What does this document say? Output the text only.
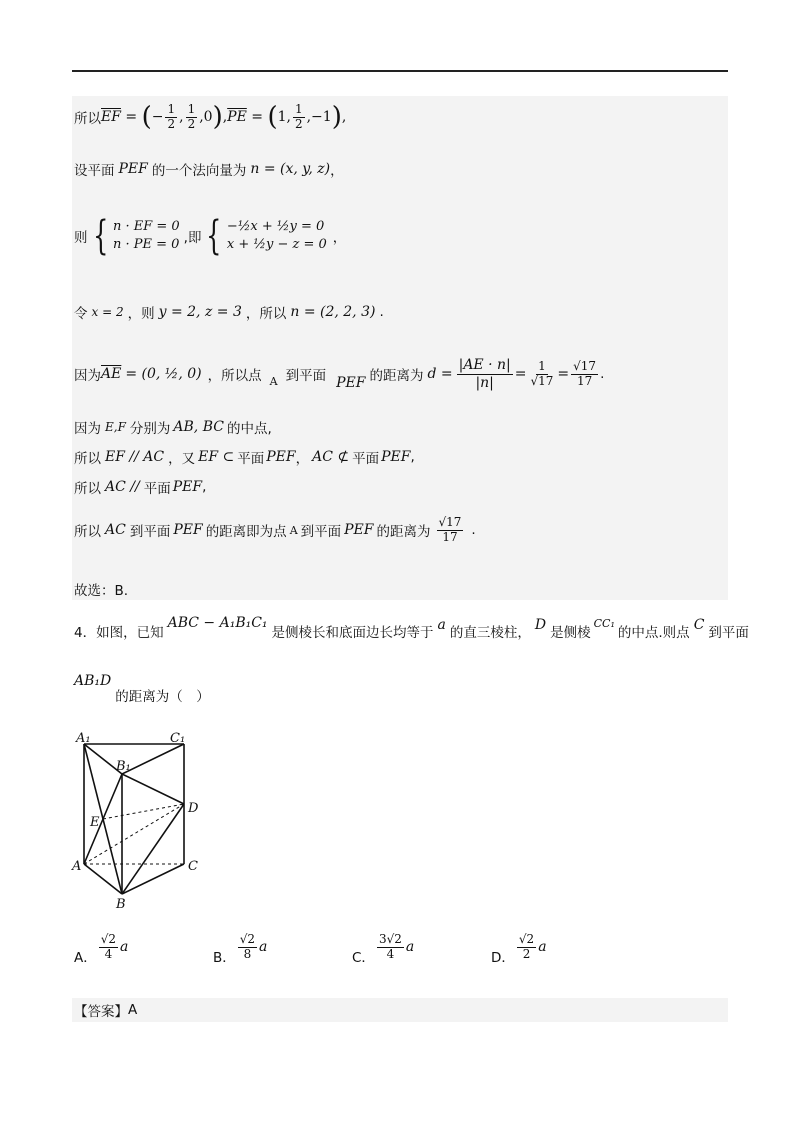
所以 $\overline{EF}$ = ( − $\frac{1}{2}$ , $\frac{1}{2} ,0$ ) , $\overline{PE}$ = ( 1, $\frac{1}{2} ,-1$ ) ,
设平面 PEF 的一个法向量为 n = (x, y, z) ，
则 { n · EF = 0
n · PE = 0 ,即 { −½x + ½y = 0
x + ½y − z = 0 ，
令 x = 2 ，则 y = 2, z = 3 ，所以 n = (2, 2, 3) .
因为 $\overline{AE} = (0$, ½, 0) ，所以点 A 到平面 PEF 的距离为 $d = \frac{|AE \cdot n|}{|n|} = \frac{1}{√17} = \frac{√17}{17}$ .
因为 E,F 分别为 AB, BC 的中点,
所以 EF // AC ，又 EF ⊂ 平面 PEF ， AC ⊄ 平面 PEF ,
所以 AC // 平面 PEF ,
所以 AC 到平面 PEF 的距离即为点 A 到平面 PEF 的距离为 $\frac{√17}{17}$ .
故选：B.
4．如图，已知
ABC − A₁B₁C₁
是侧棱长和底面边长均等于 a 的直三棱柱， D 是侧棱
CC₁
的中点.则点 C 到平面
AB₁D
的距离为（　）
A₁	C₁
B₁
D
E
A	C
B
A． $\frac{√2}{4}$ a
B． $\frac{√2}{8}$ a
C． $\frac{3√2}{4}$ a
D． $\frac{√2}{2}$ a
【答案】 A
